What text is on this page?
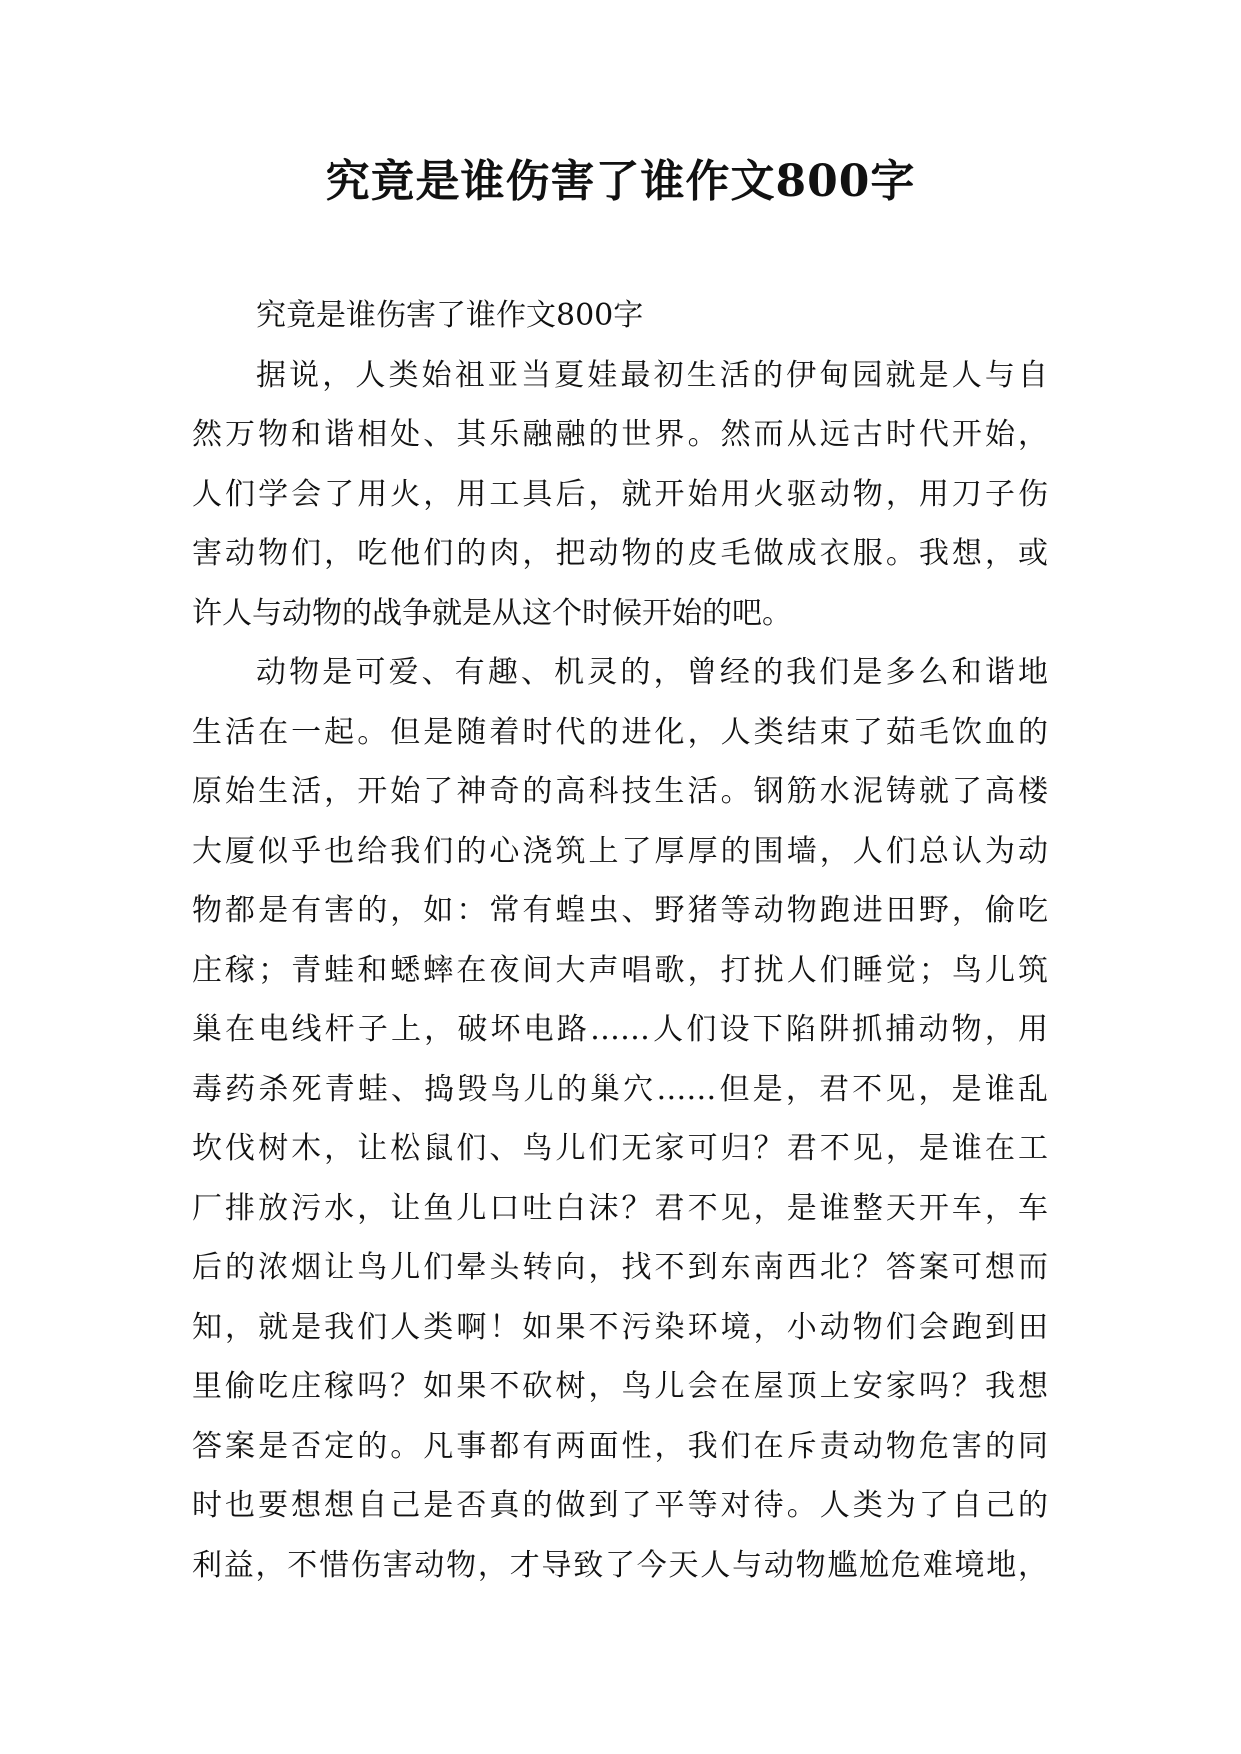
究竟是谁伤害了谁作文800字
究竟是谁伤害了谁作文800字
据说，人类始祖亚当夏娃最初生活的伊甸园就是人与自
然万物和谐相处、其乐融融的世界。然而从远古时代开始，
人们学会了用火，用工具后，就开始用火驱动物，用刀子伤
害动物们，吃他们的肉，把动物的皮毛做成衣服。我想，或
许人与动物的战争就是从这个时候开始的吧。
动物是可爱、有趣、机灵的，曾经的我们是多么和谐地
生活在一起。但是随着时代的进化，人类结束了茹毛饮血的
原始生活，开始了神奇的高科技生活。钢筋水泥铸就了高楼
大厦似乎也给我们的心浇筑上了厚厚的围墙，人们总认为动
物都是有害的，如：常有蝗虫、野猪等动物跑进田野，偷吃
庄稼；青蛙和蟋蟀在夜间大声唱歌，打扰人们睡觉；鸟儿筑
巢在电线杆子上，破坏电路……人们设下陷阱抓捕动物，用
毒药杀死青蛙、捣毁鸟儿的巢穴……但是，君不见，是谁乱
坎伐树木，让松鼠们、鸟儿们无家可归？君不见，是谁在工
厂排放污水，让鱼儿口吐白沫？君不见，是谁整天开车，车
后的浓烟让鸟儿们晕头转向，找不到东南西北？答案可想而
知，就是我们人类啊！如果不污染环境，小动物们会跑到田
里偷吃庄稼吗？如果不砍树，鸟儿会在屋顶上安家吗？我想
答案是否定的。凡事都有两面性，我们在斥责动物危害的同
时也要想想自己是否真的做到了平等对待。人类为了自己的
利益，不惜伤害动物，才导致了今天人与动物尴尬危难境地，
